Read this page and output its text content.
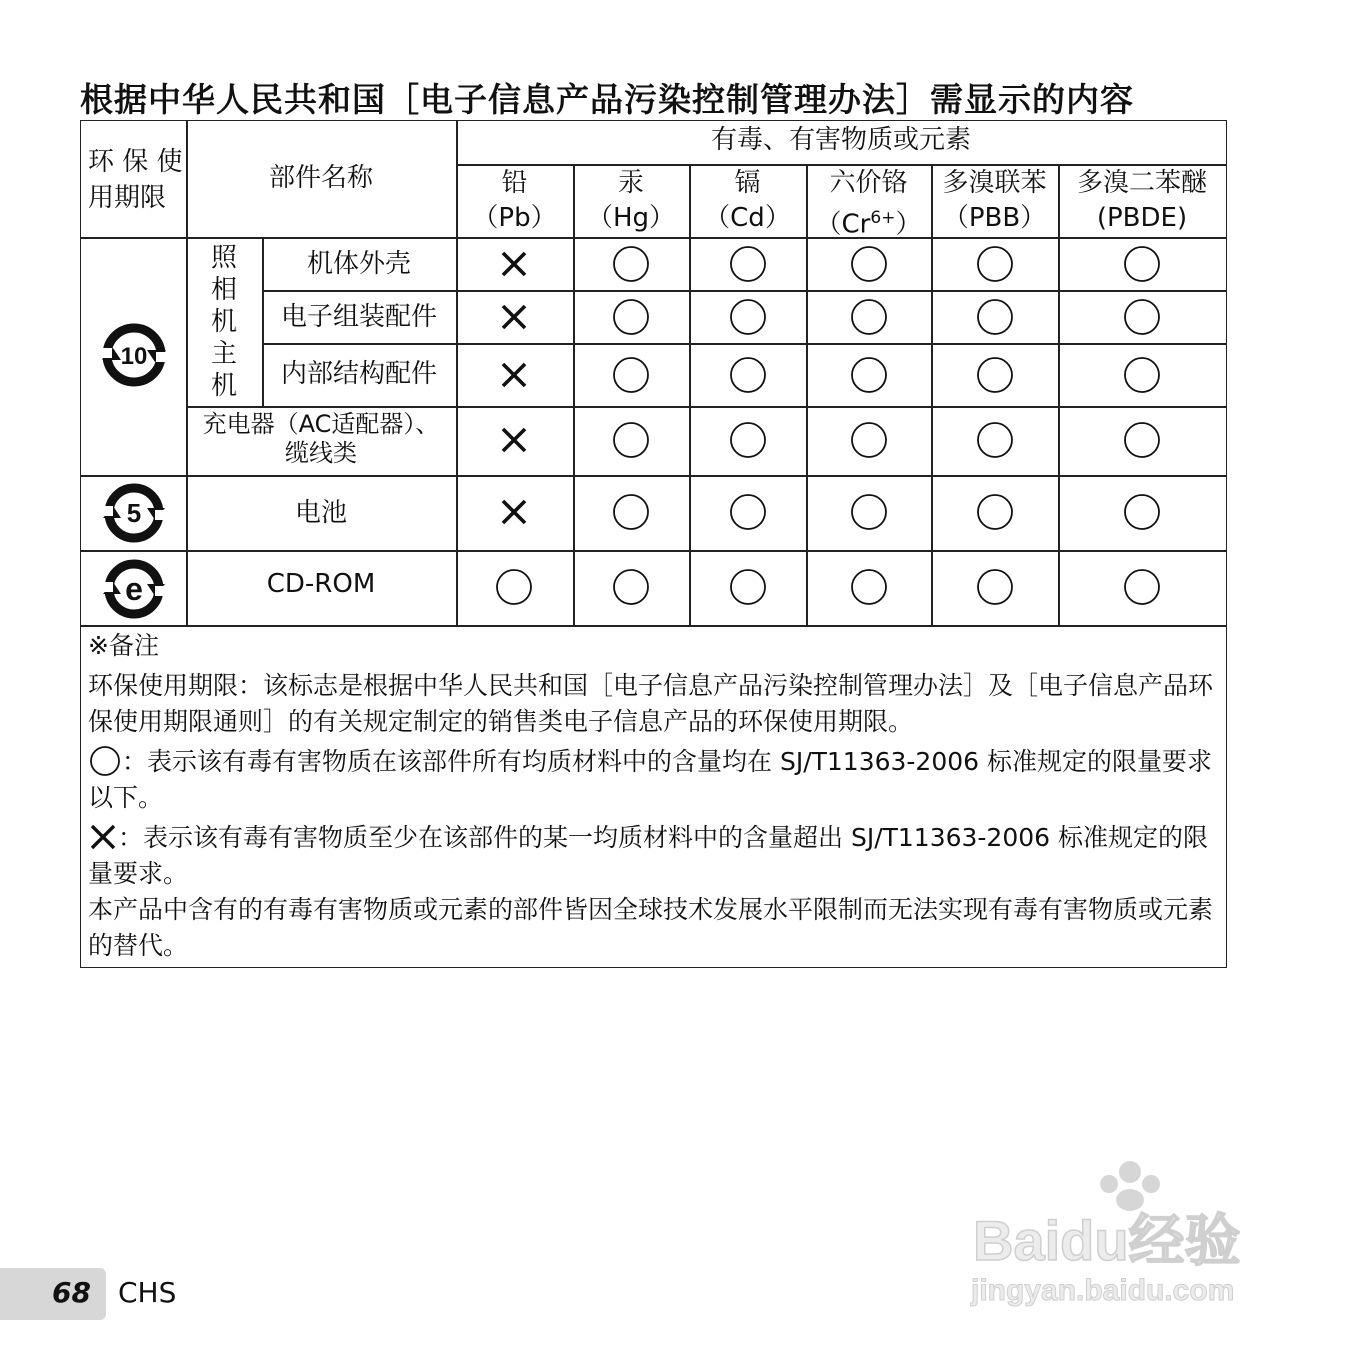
根据中华人民共和国［电子信息产品污染控制管理办法］需显示的内容
环 保 使
用期限
部件名称
有毒、有害物质或元素
铅
（Pb）
汞
（Hg）
镉
（Cd）
六价铬
$(Cr^{6+})$
多溴联苯
（PBB）
多溴二苯醚
(PBDE)
照
相
机
主
机
机体外壳
电子组装配件
内部结构配件
充电器（AC适配器）、
缆线类
电池
CD-ROM
10
5
e

※备注

环保使用期限：该标志是根据中华人民共和国［电子信息产品污染控制管理办法］及［电子信息产品环保使用期限通则］的有关规定制定的销售类电子信息产品的环保使用期限。

：表示该有毒有害物质在该部件所有均质材料中的含量均在 SJ/T11363-2006 标准规定的限量要求以下。

：表示该有毒有害物质至少在该部件的某一均质材料中的含量超出 SJ/T11363-2006 标准规定的限量要求。

本产品中含有的有毒有害物质或元素的部件皆因全球技术发展水平限制而无法实现有毒有害物质或元素的替代。

68 CHS
Baidu经验
jingyan.baidu.com
